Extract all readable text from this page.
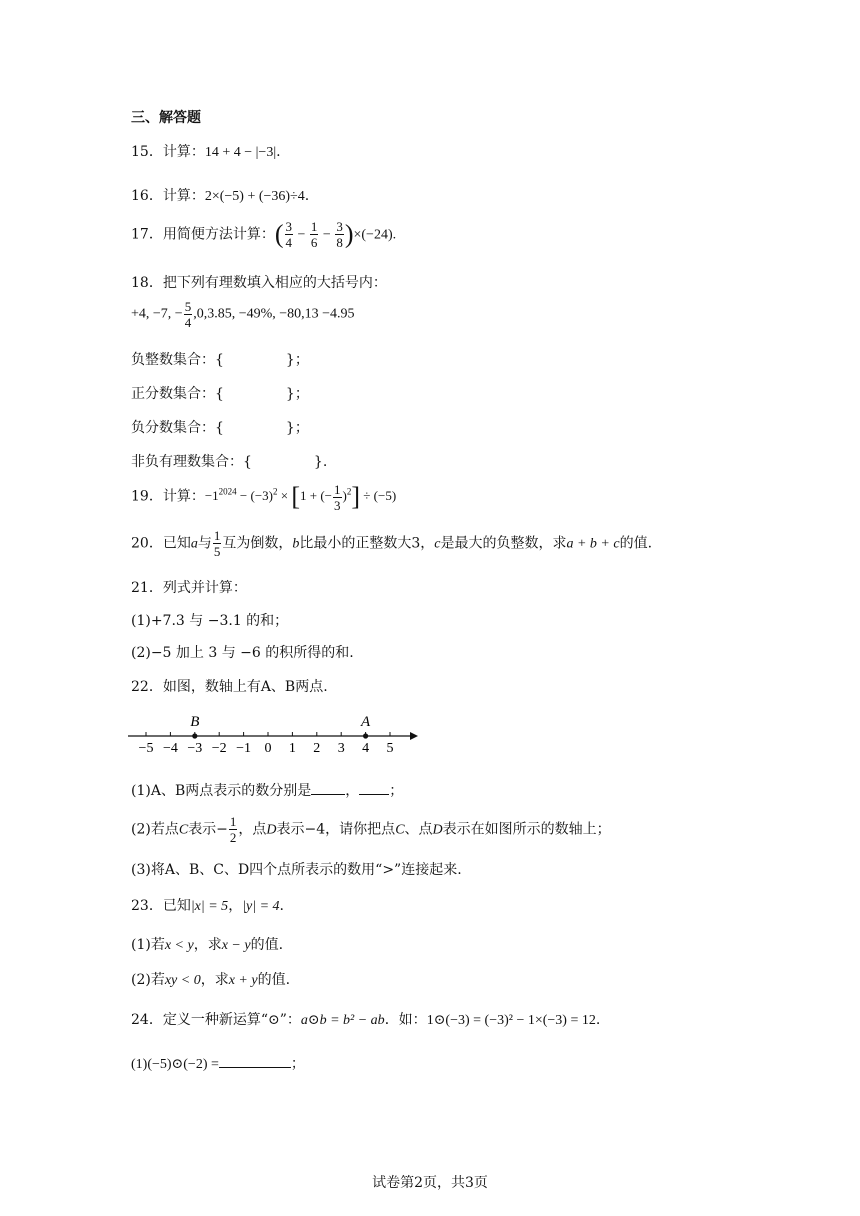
三、解答题
15．计算：14 + 4 − |−3|.
16．计算：2×(−5) + (−36)÷4.
17．用简便方法计算：( $\frac{3}{4} - \frac{1}{6} - \frac{3}{8} )\times(-24)$.
18．把下列有理数填入相应的大括号内：
+4, −7, − $\frac{5}{4} ,0,3.85$, −49%, −80,13 −4.95
负整数集合：{	}；
正分数集合：{	}；
负分数集合：{	}；
非负有理数集合：{	}.
19．计算：$-1^{2024} - (-3)^2 \times [1$ + (− $\frac{1}{3} )^2] \div (-5)$
20．已知a与 $\frac{1}{5}$ 互为倒数，b比最小的正整数大3，c是最大的负整数，求a + b + c的值.
21．列式并计算：
(1)+7.3 与 −3.1 的和；
(2)−5 加上 3 与 −6 的积所得的和.
22．如图，数轴上有A、B两点.
−5 −4 −3 −2 −1 0 1 2 3 4 5
B	A
(1)A、B两点表示的数分别是 ， ；
(2)若点C表示− $\frac{1}{2}$ ，点D表示−4，请你把点C、点D表示在如图所示的数轴上；
(3)将A、B、C、D四个点所表示的数用“>”连接起来.
23．已知|x| = 5，|y| = 4.
(1)若x < y，求x − y的值.
(2)若xy < 0，求x + y的值.
24．定义一种新运算“⊙”：a⊙b = b² − ab．如：1⊙(−3) = (−3)² − 1×(−3) = 12.
(1)(−5)⊙(−2) =	；
试卷第2页，共3页
